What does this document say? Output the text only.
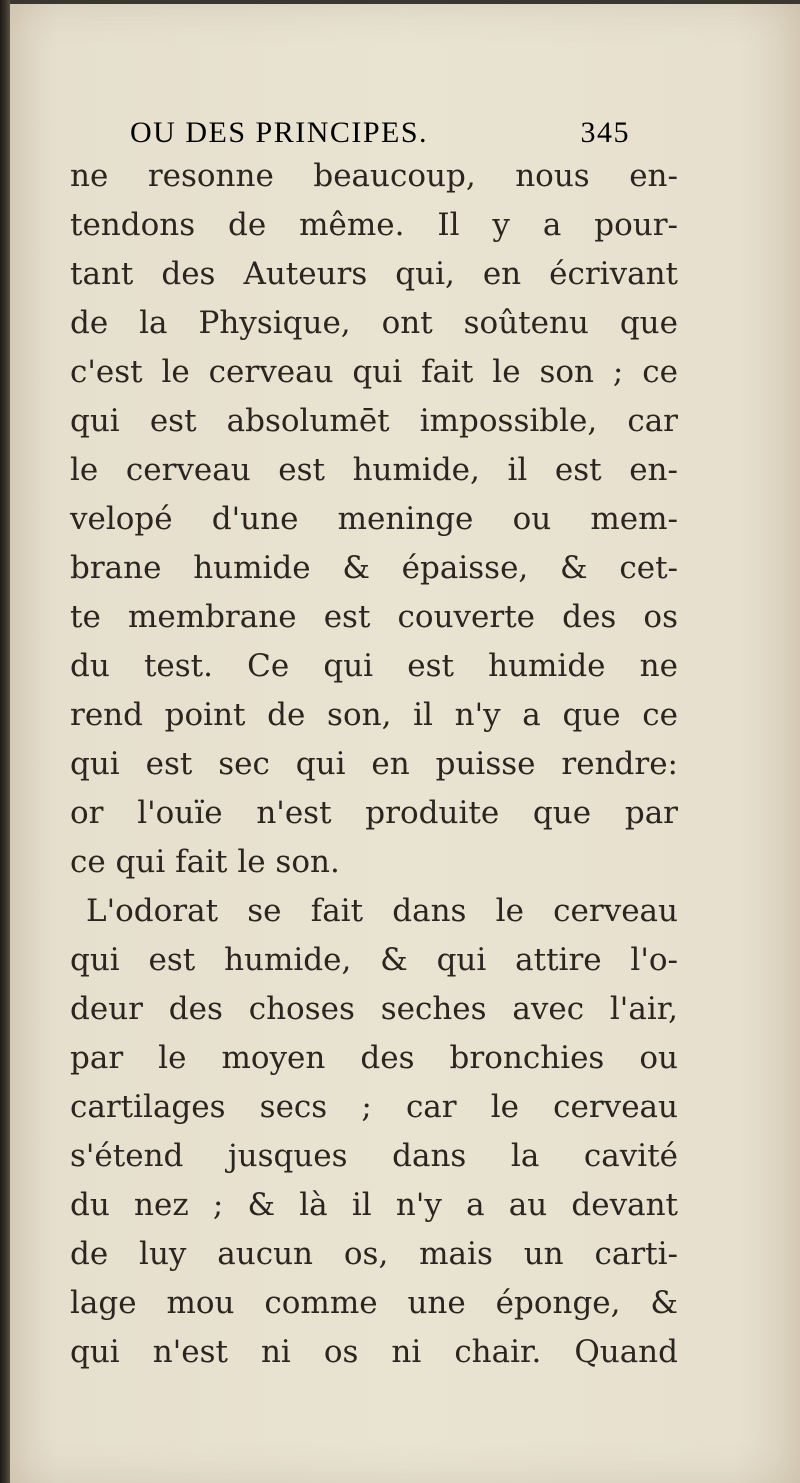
OU DES PRINCIPES.	345
ne resonne beaucoup, nous en-
tendons de même. Il y a pour-
tant des Auteurs qui, en écrivant
de la Physique, ont soûtenu que
c'est le cerveau qui fait le son ; ce
qui est absolumēt impossible, car
le cerveau est humide, il est en-
velopé d'une meninge ou mem-
brane humide & épaisse, & cet-
te membrane est couverte des os
du test. Ce qui est humide ne
rend point de son, il n'y a que ce
qui est sec qui en puisse rendre:
or l'ouïe n'est produite que par
ce qui fait le son.
L'odorat se fait dans le cerveau
qui est humide, & qui attire l'o-
deur des choses seches avec l'air,
par le moyen des bronchies ou
cartilages secs ; car le cerveau
s'étend jusques dans la cavité
du nez ; & là il n'y a au devant
de luy aucun os, mais un carti-
lage mou comme une éponge, &
qui n'est ni os ni chair. Quand
